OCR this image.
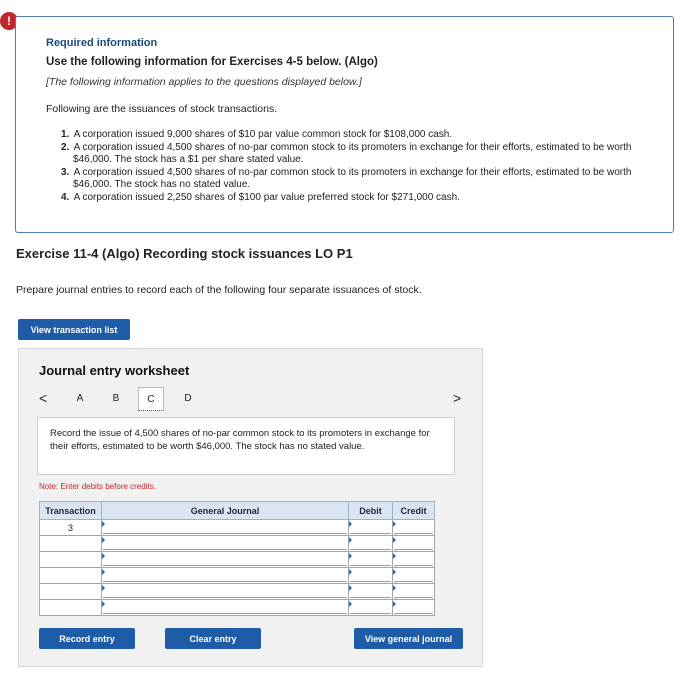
!
Required information
Use the following information for Exercises 4-5 below. (Algo)
[The following information applies to the questions displayed below.]
Following are the issuances of stock transactions.
1. A corporation issued 9,000 shares of $10 par value common stock for $108,000 cash.
2. A corporation issued 4,500 shares of no-par common stock to its promoters in exchange for their efforts, estimated to be worth $46,000. The stock has a $1 per share stated value.
3. A corporation issued 4,500 shares of no-par common stock to its promoters in exchange for their efforts, estimated to be worth $46,000. The stock has no stated value.
4. A corporation issued 2,250 shares of $100 par value preferred stock for $271,000 cash.
Exercise 11-4 (Algo) Recording stock issuances LO P1
Prepare journal entries to record each of the following four separate issuances of stock.
View transaction list
Journal entry worksheet
<	A	B	C	D	>
Record the issue of 4,500 shares of no-par common stock to its promoters in exchange for their efforts, estimated to be worth $46,000. The stock has no stated value.
Note: Enter debits before credits.
Transaction	General Journal	Debit	Credit
3			

Record entry	Clear entry	View general journal
